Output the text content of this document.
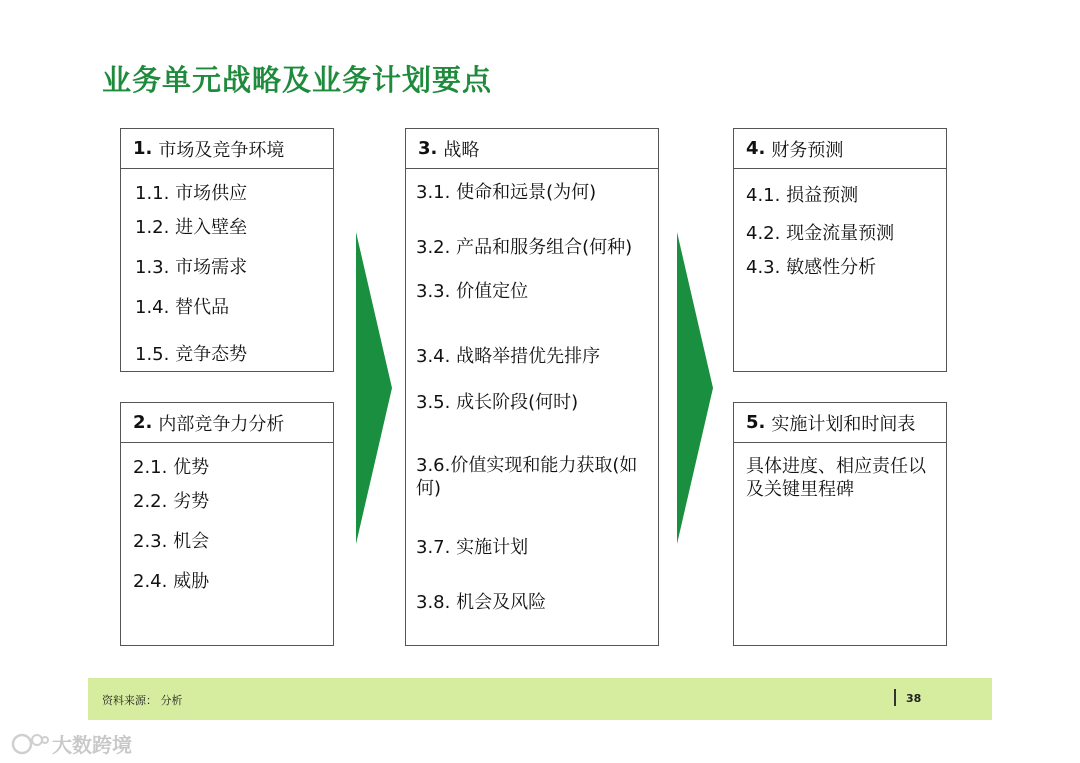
业务单元战略及业务计划要点
1. 市场及竞争环境
1.1. 市场供应
1.2. 进入壁垒
1.3. 市场需求
1.4. 替代品
1.5. 竞争态势
2. 内部竞争力分析
2.1. 优势
2.2. 劣势
2.3. 机会
2.4. 威胁
3. 战略
3.1. 使命和远景(为何)
3.2. 产品和服务组合(何种)
3.3. 价值定位
3.4. 战略举措优先排序
3.5. 成长阶段(何时)
3.6.价值实现和能力获取(如何)
3.7. 实施计划
3.8. 机会及风险
4. 财务预测
4.1. 损益预测
4.2. 现金流量预测
4.3. 敏感性分析
5. 实施计划和时间表
具体进度、相应责任以及关键里程碑
资料来源： 分析	38
大数跨境
